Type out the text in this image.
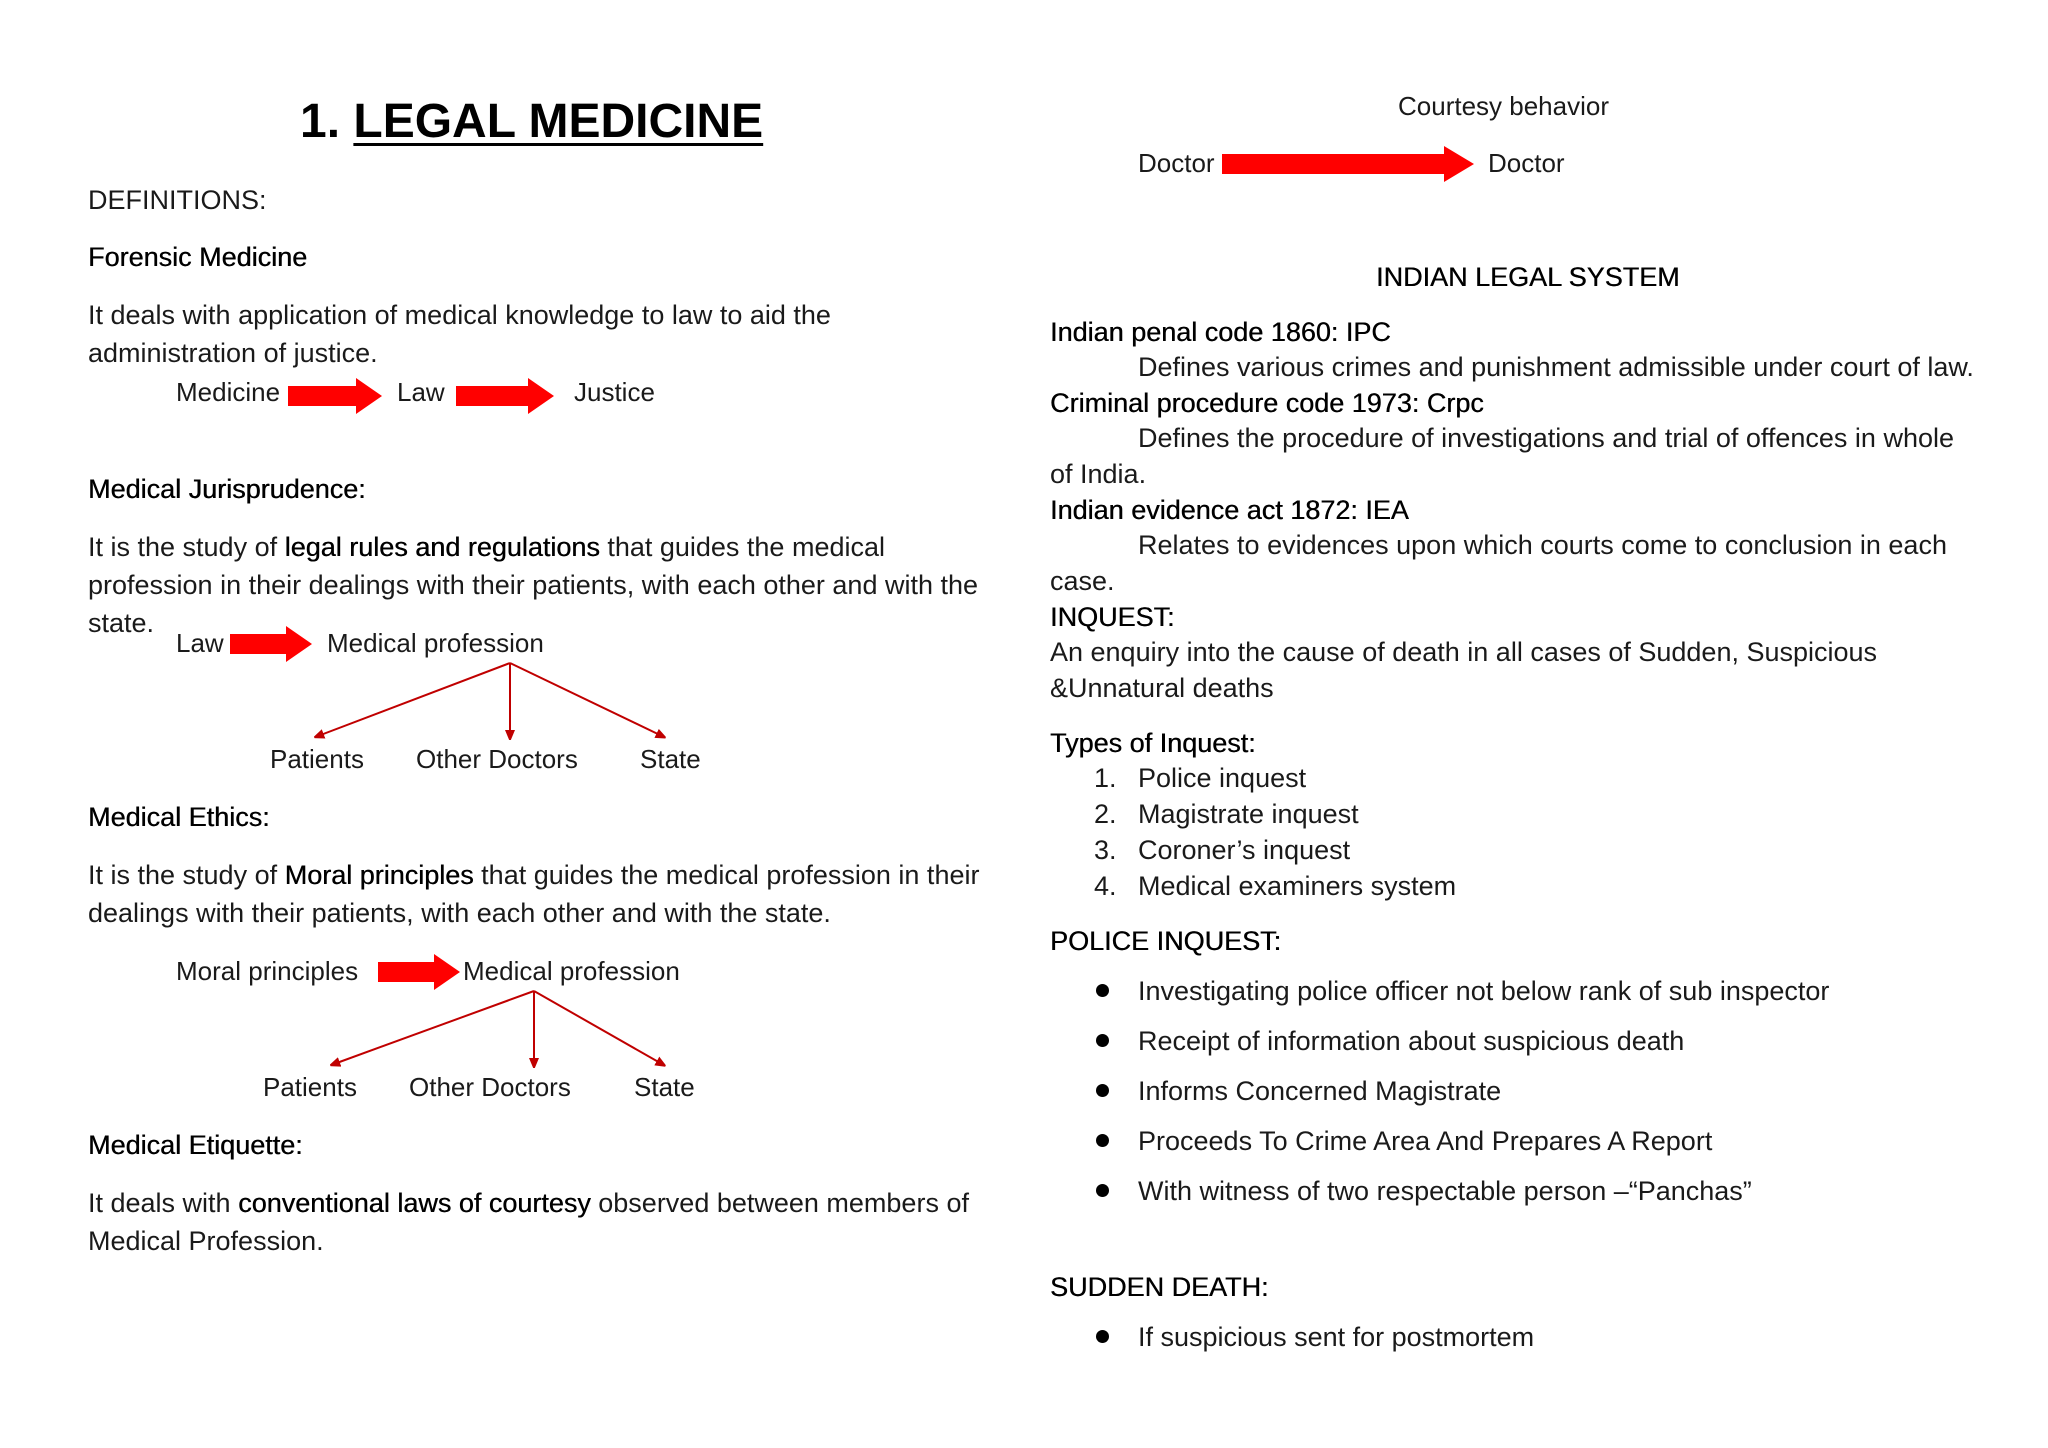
1. LEGAL MEDICINE
DEFINITIONS:
Forensic Medicine
It deals with application of medical knowledge to law to aid the administration of justice.
Medicine	Law	Justice
Medical Jurisprudence:
It is the study of legal rules and regulations that guides the medical profession in their dealings with their patients, with each other and with the state.
Law	Medical profession
Patients Other Doctors State
Medical Ethics:
It is the study of Moral principles that guides the medical profession in their dealings with their patients, with each other and with the state.
Moral principles	Medical profession
Patients Other Doctors State
Medical Etiquette:
It deals with conventional laws of courtesy observed between members of Medical Profession.
Courtesy behavior
Doctor	Doctor
INDIAN LEGAL SYSTEM
Indian penal code 1860: IPC
Defines various crimes and punishment admissible under court of law.
Criminal procedure code 1973: Crpc
Defines the procedure of investigations and trial of offences in whole of India.
Indian evidence act 1872: IEA
Relates to evidences upon which courts come to conclusion in each case.
INQUEST:
An enquiry into the cause of death in all cases of Sudden, Suspicious &Unnatural deaths
Types of Inquest:
1. Police inquest
2. Magistrate inquest
3. Coroner’s inquest
4. Medical examiners system
POLICE INQUEST:
Investigating police officer not below rank of sub inspector
Receipt of information about suspicious death
Informs Concerned Magistrate
Proceeds To Crime Area And Prepares A Report
With witness of two respectable person –“Panchas”
SUDDEN DEATH:
If suspicious sent for postmortem
